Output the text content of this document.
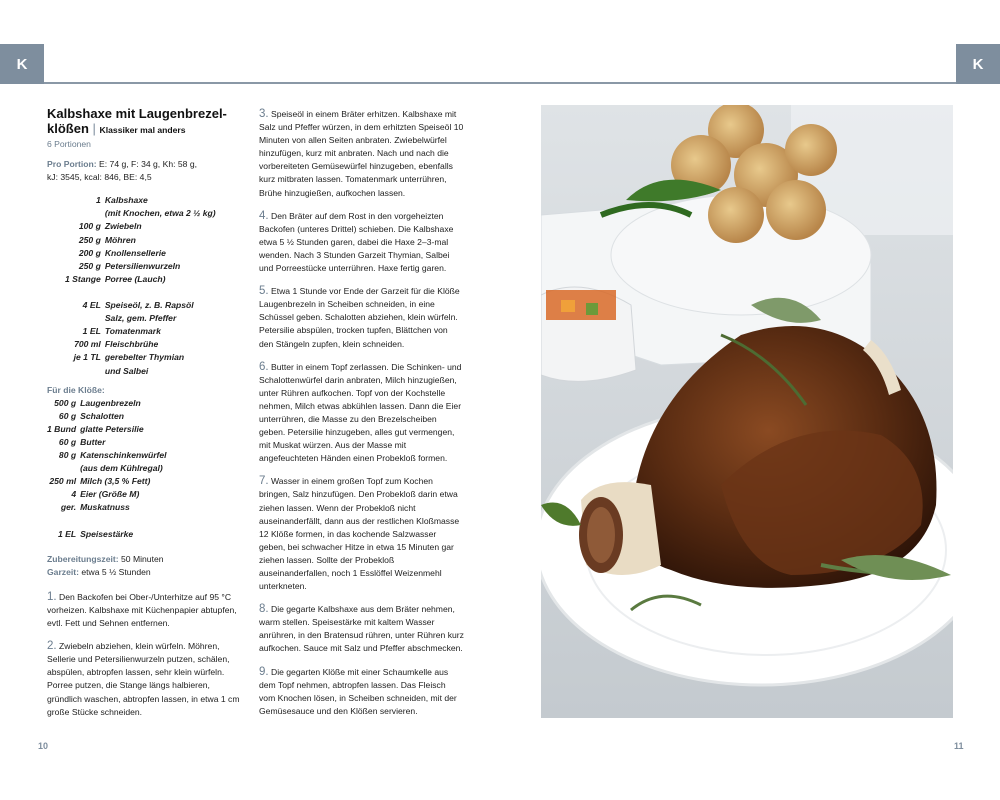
K	K
Kalbshaxe mit Laugenbrezel-
klößen | Klassiker mal anders
6 Portionen
Pro Portion: E: 74 g, F: 34 g, Kh: 58 g,
kJ: 3545, kcal: 846, BE: 4,5
1	Kalbshaxe
	(mit Knochen, etwa 2 ½ kg)
100 g	Zwiebeln
250 g	Möhren
200 g	Knollensellerie
250 g	Petersilienwurzeln
1 Stange	Porree (Lauch)

4 EL	Speiseöl, z. B. Rapsöl
	Salz, gem. Pfeffer
1 EL	Tomatenmark
700 ml	Fleischbrühe
je 1 TL	gerebelter Thymian
	und Salbei
Für die Klöße:
500 g	Laugenbrezeln
60 g	Schalotten
1 Bund	glatte Petersilie
60 g	Butter
80 g	Katenschinkenwürfel
	(aus dem Kühlregal)
250 ml	Milch (3,5 % Fett)
4	Eier (Größe M)
ger.	Muskatnuss

1 EL	Speisestärke
Zubereitungszeit: 50 Minuten
Garzeit: etwa 5 ½ Stunden
1. Den Backofen bei Ober-/Unterhitze auf 95 °C vorheizen. Kalbshaxe mit Küchenpapier abtupfen, evtl. Fett und Sehnen entfernen.
2. Zwiebeln abziehen, klein würfeln. Möhren, Sellerie und Petersilienwurzeln putzen, schälen, abspülen, abtropfen lassen, sehr klein würfeln. Porree putzen, die Stange längs halbieren, gründlich waschen, abtropfen lassen, in etwa 1 cm große Stücke schneiden.
3. Speiseöl in einem Bräter erhitzen. Kalbshaxe mit Salz und Pfeffer würzen, in dem erhitzten Speiseöl 10 Minuten von allen Seiten anbraten. Zwiebelwürfel hinzufügen, kurz mit anbraten. Nach und nach die vorbereiteten Gemüsewürfel hinzugeben, ebenfalls kurz mitbraten lassen. Tomatenmark unterrühren, Brühe hinzugießen, aufkochen lassen.
4. Den Bräter auf dem Rost in den vorgeheizten Backofen (unteres Drittel) schieben. Die Kalbshaxe etwa 5 ½ Stunden garen, dabei die Haxe 2–3-mal wenden. Nach 3 Stunden Garzeit Thymian, Salbei und Porreestücke unterrühren. Haxe fertig garen.
5. Etwa 1 Stunde vor Ende der Garzeit für die Klöße Laugenbrezeln in Scheiben schneiden, in eine Schüssel geben. Schalotten abziehen, klein würfeln. Petersilie abspülen, trocken tupfen, Blättchen von den Stängeln zupfen, klein schneiden.
6. Butter in einem Topf zerlassen. Die Schinken- und Schalottenwürfel darin anbraten, Milch hinzugießen, unter Rühren aufkochen. Topf von der Kochstelle nehmen, Milch etwas abkühlen lassen. Dann die Eier unterrühren, die Masse zu den Brezelscheiben geben. Petersilie hinzugeben, alles gut vermengen, mit Muskat würzen. Aus der Masse mit angefeuchteten Händen einen Probekloß formen.
7. Wasser in einem großen Topf zum Kochen bringen, Salz hinzufügen. Den Probekloß darin etwa ziehen lassen. Wenn der Probekloß nicht auseinanderfällt, dann aus der restlichen Kloßmasse 12 Klöße formen, in das kochende Salzwasser geben, bei schwacher Hitze in etwa 15 Minuten gar ziehen lassen. Sollte der Probekloß auseinanderfallen, noch 1 Esslöffel Weizenmehl unterkneten.
8. Die gegarte Kalbshaxe aus dem Bräter nehmen, warm stellen. Speisestärke mit kaltem Wasser anrühren, in den Bratensud rühren, unter Rühren kurz aufkochen. Sauce mit Salz und Pfeffer abschmecken.
9. Die gegarten Klöße mit einer Schaumkelle aus dem Topf nehmen, abtropfen lassen. Das Fleisch vom Knochen lösen, in Scheiben schneiden, mit der Gemüsesauce und den Klößen servieren.
10	11
